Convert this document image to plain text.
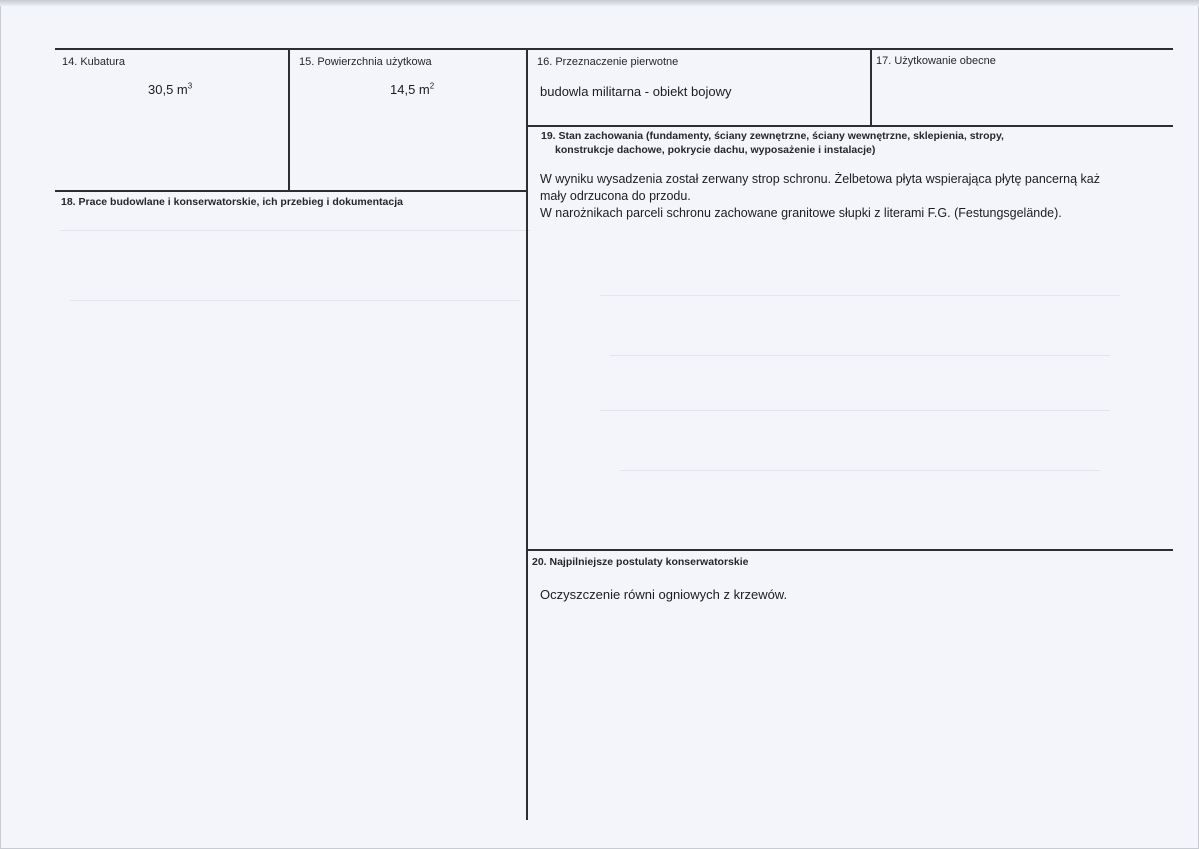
14. Kubatura
30,5 $m^3$
15. Powierzchnia użytkowa
14,5 $m^2$
16. Przeznaczenie pierwotne
budowla militarna - obiekt bojowy
17. Użytkowanie obecne
19. Stan zachowania (fundamenty, ściany zewnętrzne, ściany wewnętrzne, sklepienia, stropy,
konstrukcje dachowe, pokrycie dachu, wyposażenie i instalacje)
W wyniku wysadzenia został zerwany strop schronu. Żelbetowa płyta wspierająca płytę pancerną każ
mały odrzucona do przodu.
W narożnikach parceli schronu zachowane granitowe słupki z literami F.G. (Festungsgelände).
18. Prace budowlane i konserwatorskie, ich przebieg i dokumentacja
20. Najpilniejsze postulaty konserwatorskie
Oczyszczenie równi ogniowych z krzewów.
